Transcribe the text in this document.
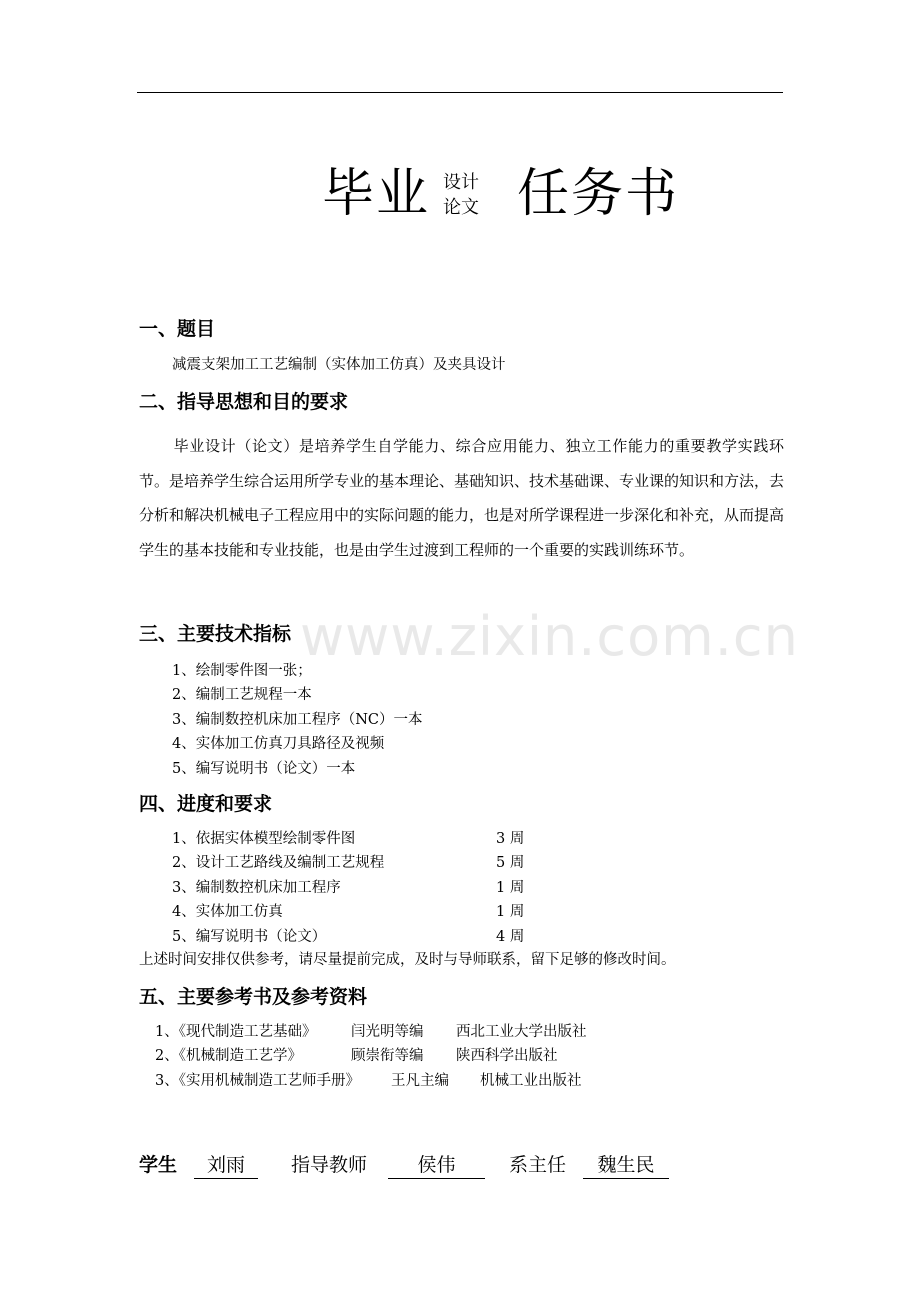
毕业 设计
论文 任务书
一、题目
减震支架加工工艺编制（实体加工仿真）及夹具设计
二、指导思想和目的要求
毕业设计（论文）是培养学生自学能力、综合应用能力、独立工作能力的重要教学实践环节。是培养学生综合运用所学专业的基本理论、基础知识、技术基础课、专业课的知识和方法，去分析和解决机械电子工程应用中的实际问题的能力，也是对所学课程进一步深化和补充，从而提高学生的基本技能和专业技能，也是由学生过渡到工程师的一个重要的实践训练环节。
www.zixin.com.cn
三、主要技术指标
1、绘制零件图一张；
2、编制工艺规程一本
3、编制数控机床加工程序（NC）一本
4、实体加工仿真刀具路径及视频
5、编写说明书（论文）一本
四、进度和要求
1、依据实体模型绘制零件图	3 周
2、设计工艺路线及编制工艺规程	5 周
3、编制数控机床加工程序	1 周
4、实体加工仿真	1 周
5、编写说明书（论文）	4 周
上述时间安排仅供参考，请尽量提前完成，及时与导师联系，留下足够的修改时间。
五、主要参考书及参考资料
1、《现代制造工艺基础》 闫光明等编 西北工业大学出版社
2、《机械制造工艺学》	顾崇衔等编 陕西科学出版社
3、《实用机械制造工艺师手册》 王凡主编 机械工业出版社
学生	刘雨	指导教师	侯伟	系主任	魏生民
